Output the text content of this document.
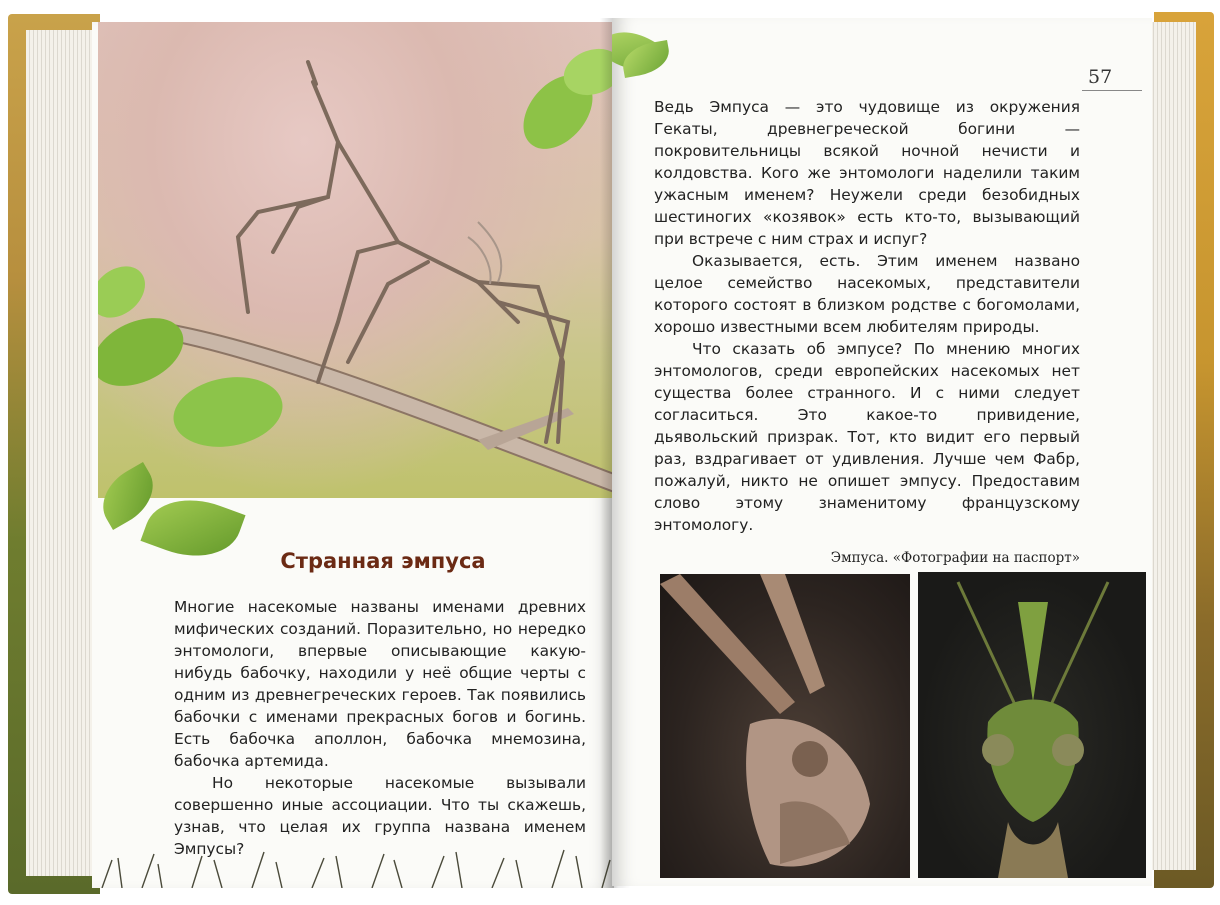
Странная эмпуса

Многие насекомые названы именами древних мифических созданий. Поразительно, но нередко энтомологи, впервые описывающие какую-нибудь бабочку, находили у неё общие черты с одним из древнегреческих героев. Так появились бабочки с именами прекрасных богов и богинь. Есть бабочка аполлон, бабочка мнемозина, бабочка артемида.

Но некоторые насекомые вызывали совершенно иные ассоциации. Что ты скажешь, узнав, что целая их группа названа именем Эмпусы?

57

Ведь Эмпуса — это чудовище из окружения Гекаты, древнегреческой богини — покровительницы всякой ночной нечисти и колдовства. Кого же энтомологи наделили таким ужасным именем? Неужели среди безобидных шестиногих «козявок» есть кто-то, вызывающий при встрече с ним страх и испуг?

Оказывается, есть. Этим именем названо целое семейство насекомых, представители которого состоят в близком родстве с богомолами, хорошо известными всем любителям природы.

Что сказать об эмпусе? По мнению многих энтомологов, среди европейских насекомых нет существа более странного. И с ними следует согласиться. Это какое-то привидение, дьявольский призрак. Тот, кто видит его первый раз, вздрагивает от удивления. Лучше чем Фабр, пожалуй, никто не опишет эмпусу. Предоставим слово этому знаменитому французскому энтомологу.

Эмпуса. «Фотографии на паспорт»
